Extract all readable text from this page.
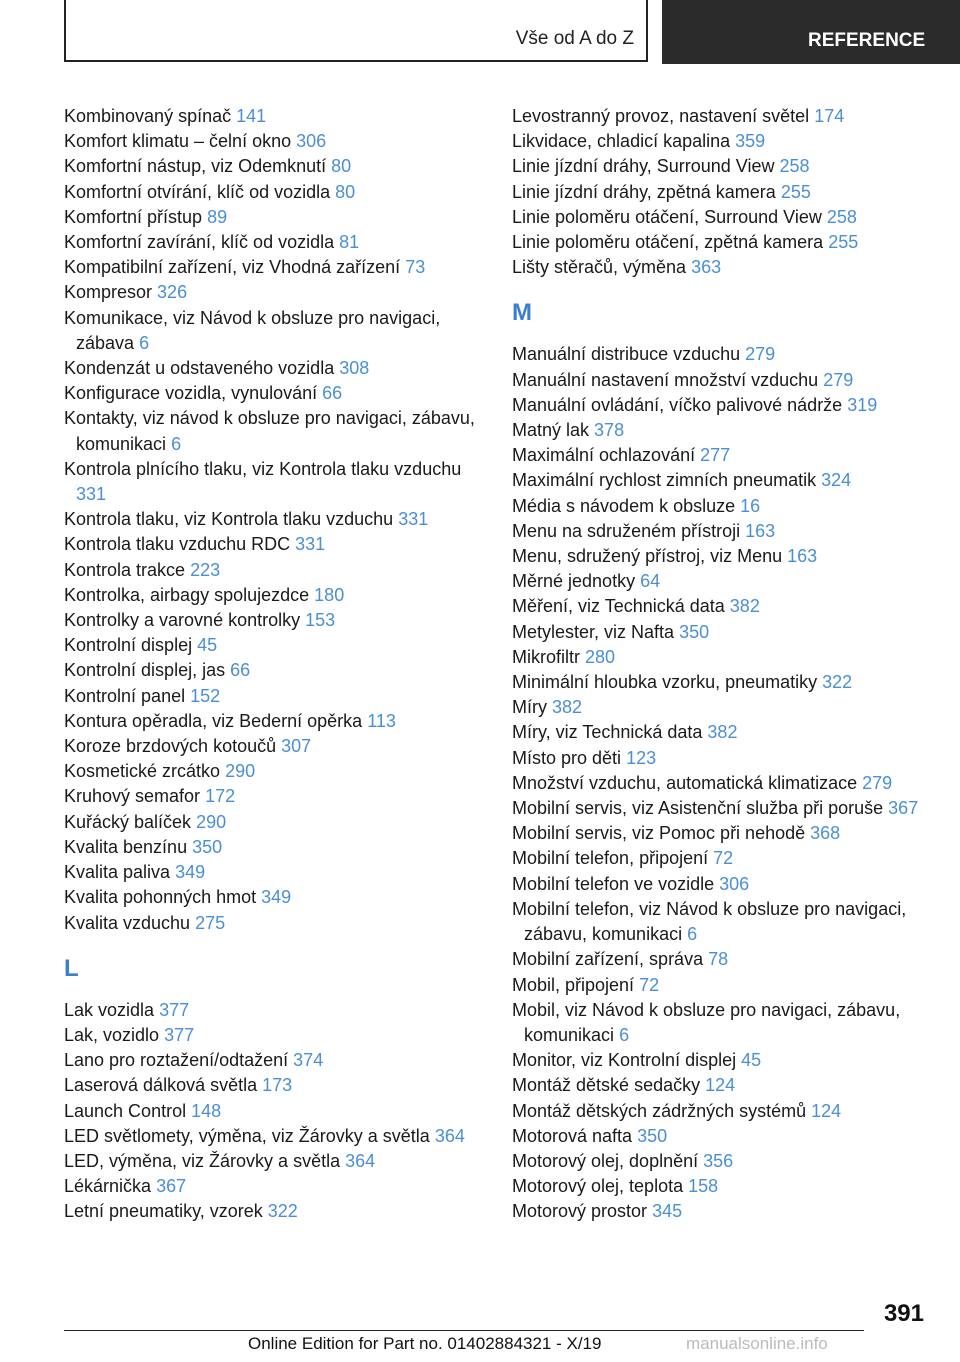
Vše od A do Z	REFERENCE
Kombinovaný spínač 141
Komfort klimatu – čelní okno 306
Komfortní nástup, viz Odemknutí 80
Komfortní otvírání, klíč od vozidla 80
Komfortní přístup 89
Komfortní zavírání, klíč od vozidla 81
Kompatibilní zařízení, viz Vhodná zařízení 73
Kompresor 326
Komunikace, viz Návod k obsluze pro navigaci, zábava 6
Kondenzát u odstaveného vozidla 308
Konfigurace vozidla, vynulování 66
Kontakty, viz návod k obsluze pro navigaci, zábavu, komunikaci 6
Kontrola plnícího tlaku, viz Kontrola tlaku vzduchu 331
Kontrola tlaku, viz Kontrola tlaku vzduchu 331
Kontrola tlaku vzduchu RDC 331
Kontrola trakce 223
Kontrolka, airbagy spolujezdce 180
Kontrolky a varovné kontrolky 153
Kontrolní displej 45
Kontrolní displej, jas 66
Kontrolní panel 152
Kontura opěradla, viz Bederní opěrka 113
Koroze brzdových kotoučů 307
Kosmetické zrcátko 290
Kruhový semafor 172
Kuřácký balíček 290
Kvalita benzínu 350
Kvalita paliva 349
Kvalita pohonných hmot 349
Kvalita vzduchu 275
L
Lak vozidla 377
Lak, vozidlo 377
Lano pro roztažení/odtažení 374
Laserová dálková světla 173
Launch Control 148
LED světlomety, výměna, viz Žárovky a světla 364
LED, výměna, viz Žárovky a světla 364
Lékárnička 367
Letní pneumatiky, vzorek 322
Levostranný provoz, nastavení světel 174
Likvidace, chladicí kapalina 359
Linie jízdní dráhy, Surround View 258
Linie jízdní dráhy, zpětná kamera 255
Linie poloměru otáčení, Surround View 258
Linie poloměru otáčení, zpětná kamera 255
Lišty stěračů, výměna 363
M
Manuální distribuce vzduchu 279
Manuální nastavení množství vzduchu 279
Manuální ovládání, víčko palivové nádrže 319
Matný lak 378
Maximální ochlazování 277
Maximální rychlost zimních pneumatik 324
Média s návodem k obsluze 16
Menu na sdruženém přístroji 163
Menu, sdružený přístroj, viz Menu 163
Měrné jednotky 64
Měření, viz Technická data 382
Metylester, viz Nafta 350
Mikrofiltr 280
Minimální hloubka vzorku, pneumatiky 322
Míry 382
Míry, viz Technická data 382
Místo pro děti 123
Množství vzduchu, automatická klimatizace 279
Mobilní servis, viz Asistenční služba při poruše 367
Mobilní servis, viz Pomoc při nehodě 368
Mobilní telefon, připojení 72
Mobilní telefon ve vozidle 306
Mobilní telefon, viz Návod k obsluze pro navigaci, zábavu, komunikaci 6
Mobilní zařízení, správa 78
Mobil, připojení 72
Mobil, viz Návod k obsluze pro navigaci, zábavu, komunikaci 6
Monitor, viz Kontrolní displej 45
Montáž dětské sedačky 124
Montáž dětských zádržných systémů 124
Motorová nafta 350
Motorový olej, doplnění 356
Motorový olej, teplota 158
Motorový prostor 345
391
Online Edition for Part no. 01402884321 - X/19	manualsonline.info
